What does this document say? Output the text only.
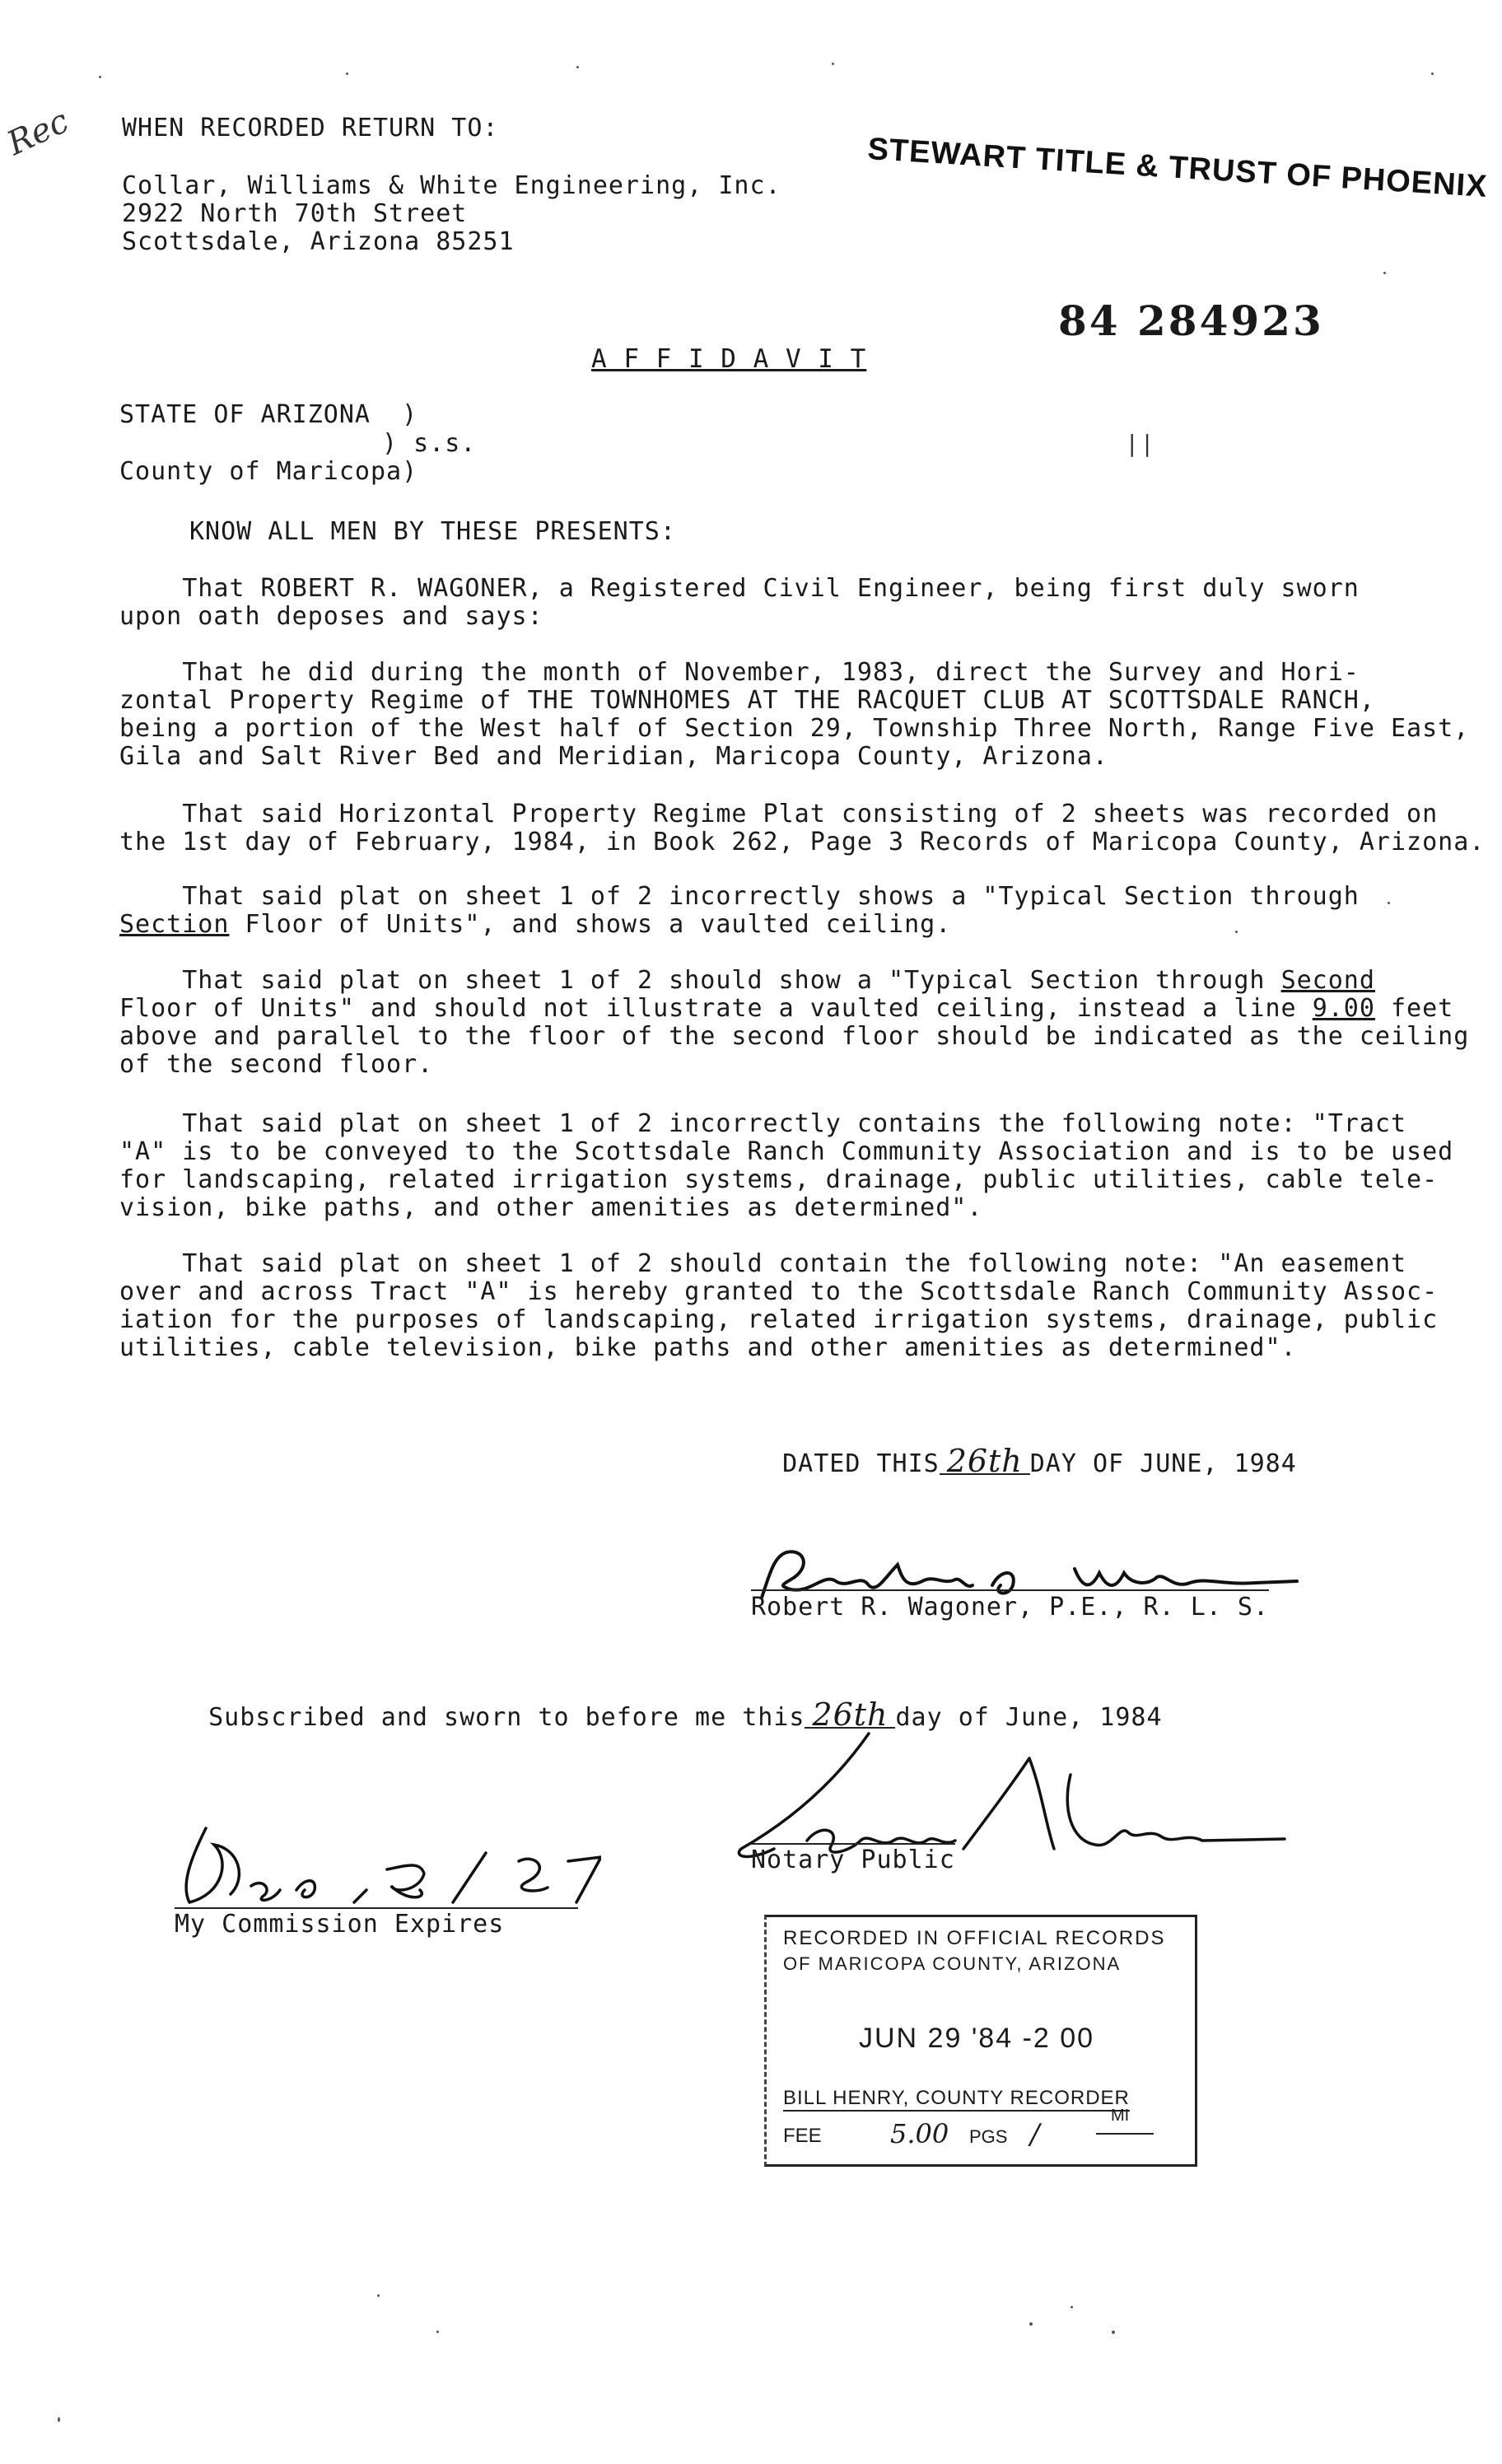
Rec WHEN RECORDED RETURN TO:
Collar, Williams & White Engineering, Inc.
2922 North 70th Street
Scottsdale, Arizona 85251
STEWART TITLE & TRUST OF PHOENIX
84 284923
| |
A F F I D A V I T
STATE OF ARIZONA  )
) s.s.
County of Maricopa)
KNOW ALL MEN BY THESE PRESENTS:
That ROBERT R. WAGONER, a Registered Civil Engineer, being first duly sworn
upon oath deposes and says:
That he did during the month of November, 1983, direct the Survey and Hori-
zontal Property Regime of THE TOWNHOMES AT THE RACQUET CLUB AT SCOTTSDALE RANCH,
being a portion of the West half of Section 29, Township Three North, Range Five East,
Gila and Salt River Bed and Meridian, Maricopa County, Arizona.
That said Horizontal Property Regime Plat consisting of 2 sheets was recorded on
the 1st day of February, 1984, in Book 262, Page 3 Records of Maricopa County, Arizona.
That said plat on sheet 1 of 2 incorrectly shows a "Typical Section through
Section Floor of Units", and shows a vaulted ceiling.
That said plat on sheet 1 of 2 should show a "Typical Section through Second
Floor of Units" and should not illustrate a vaulted ceiling, instead a line 9.00 feet
above and parallel to the floor of the second floor should be indicated as the ceiling
of the second floor.
That said plat on sheet 1 of 2 incorrectly contains the following note: "Tract
"A" is to be conveyed to the Scottsdale Ranch Community Association and is to be used
for landscaping, related irrigation systems, drainage, public utilities, cable tele-
vision, bike paths, and other amenities as determined".
That said plat on sheet 1 of 2 should contain the following note: "An easement
over and across Tract "A" is hereby granted to the Scottsdale Ranch Community Assoc-
iation for the purposes of landscaping, related irrigation systems, drainage, public
utilities, cable television, bike paths and other amenities as determined".

DATED THIS 26th DAY OF JUNE, 1984

Robert R. Wagoner, P.E., R. L. S.

Subscribed and sworn to before me this 26th day of June, 1984

Notary Public
My Commission Expires

	RECORDED IN OFFICIAL RECORDS

OF MARICOPA COUNTY, ARIZONA

JUN 29 '84 -2 00

BILL HENRY, COUNTY RECORDER

FEE

	5.00

PGS

/

MI
